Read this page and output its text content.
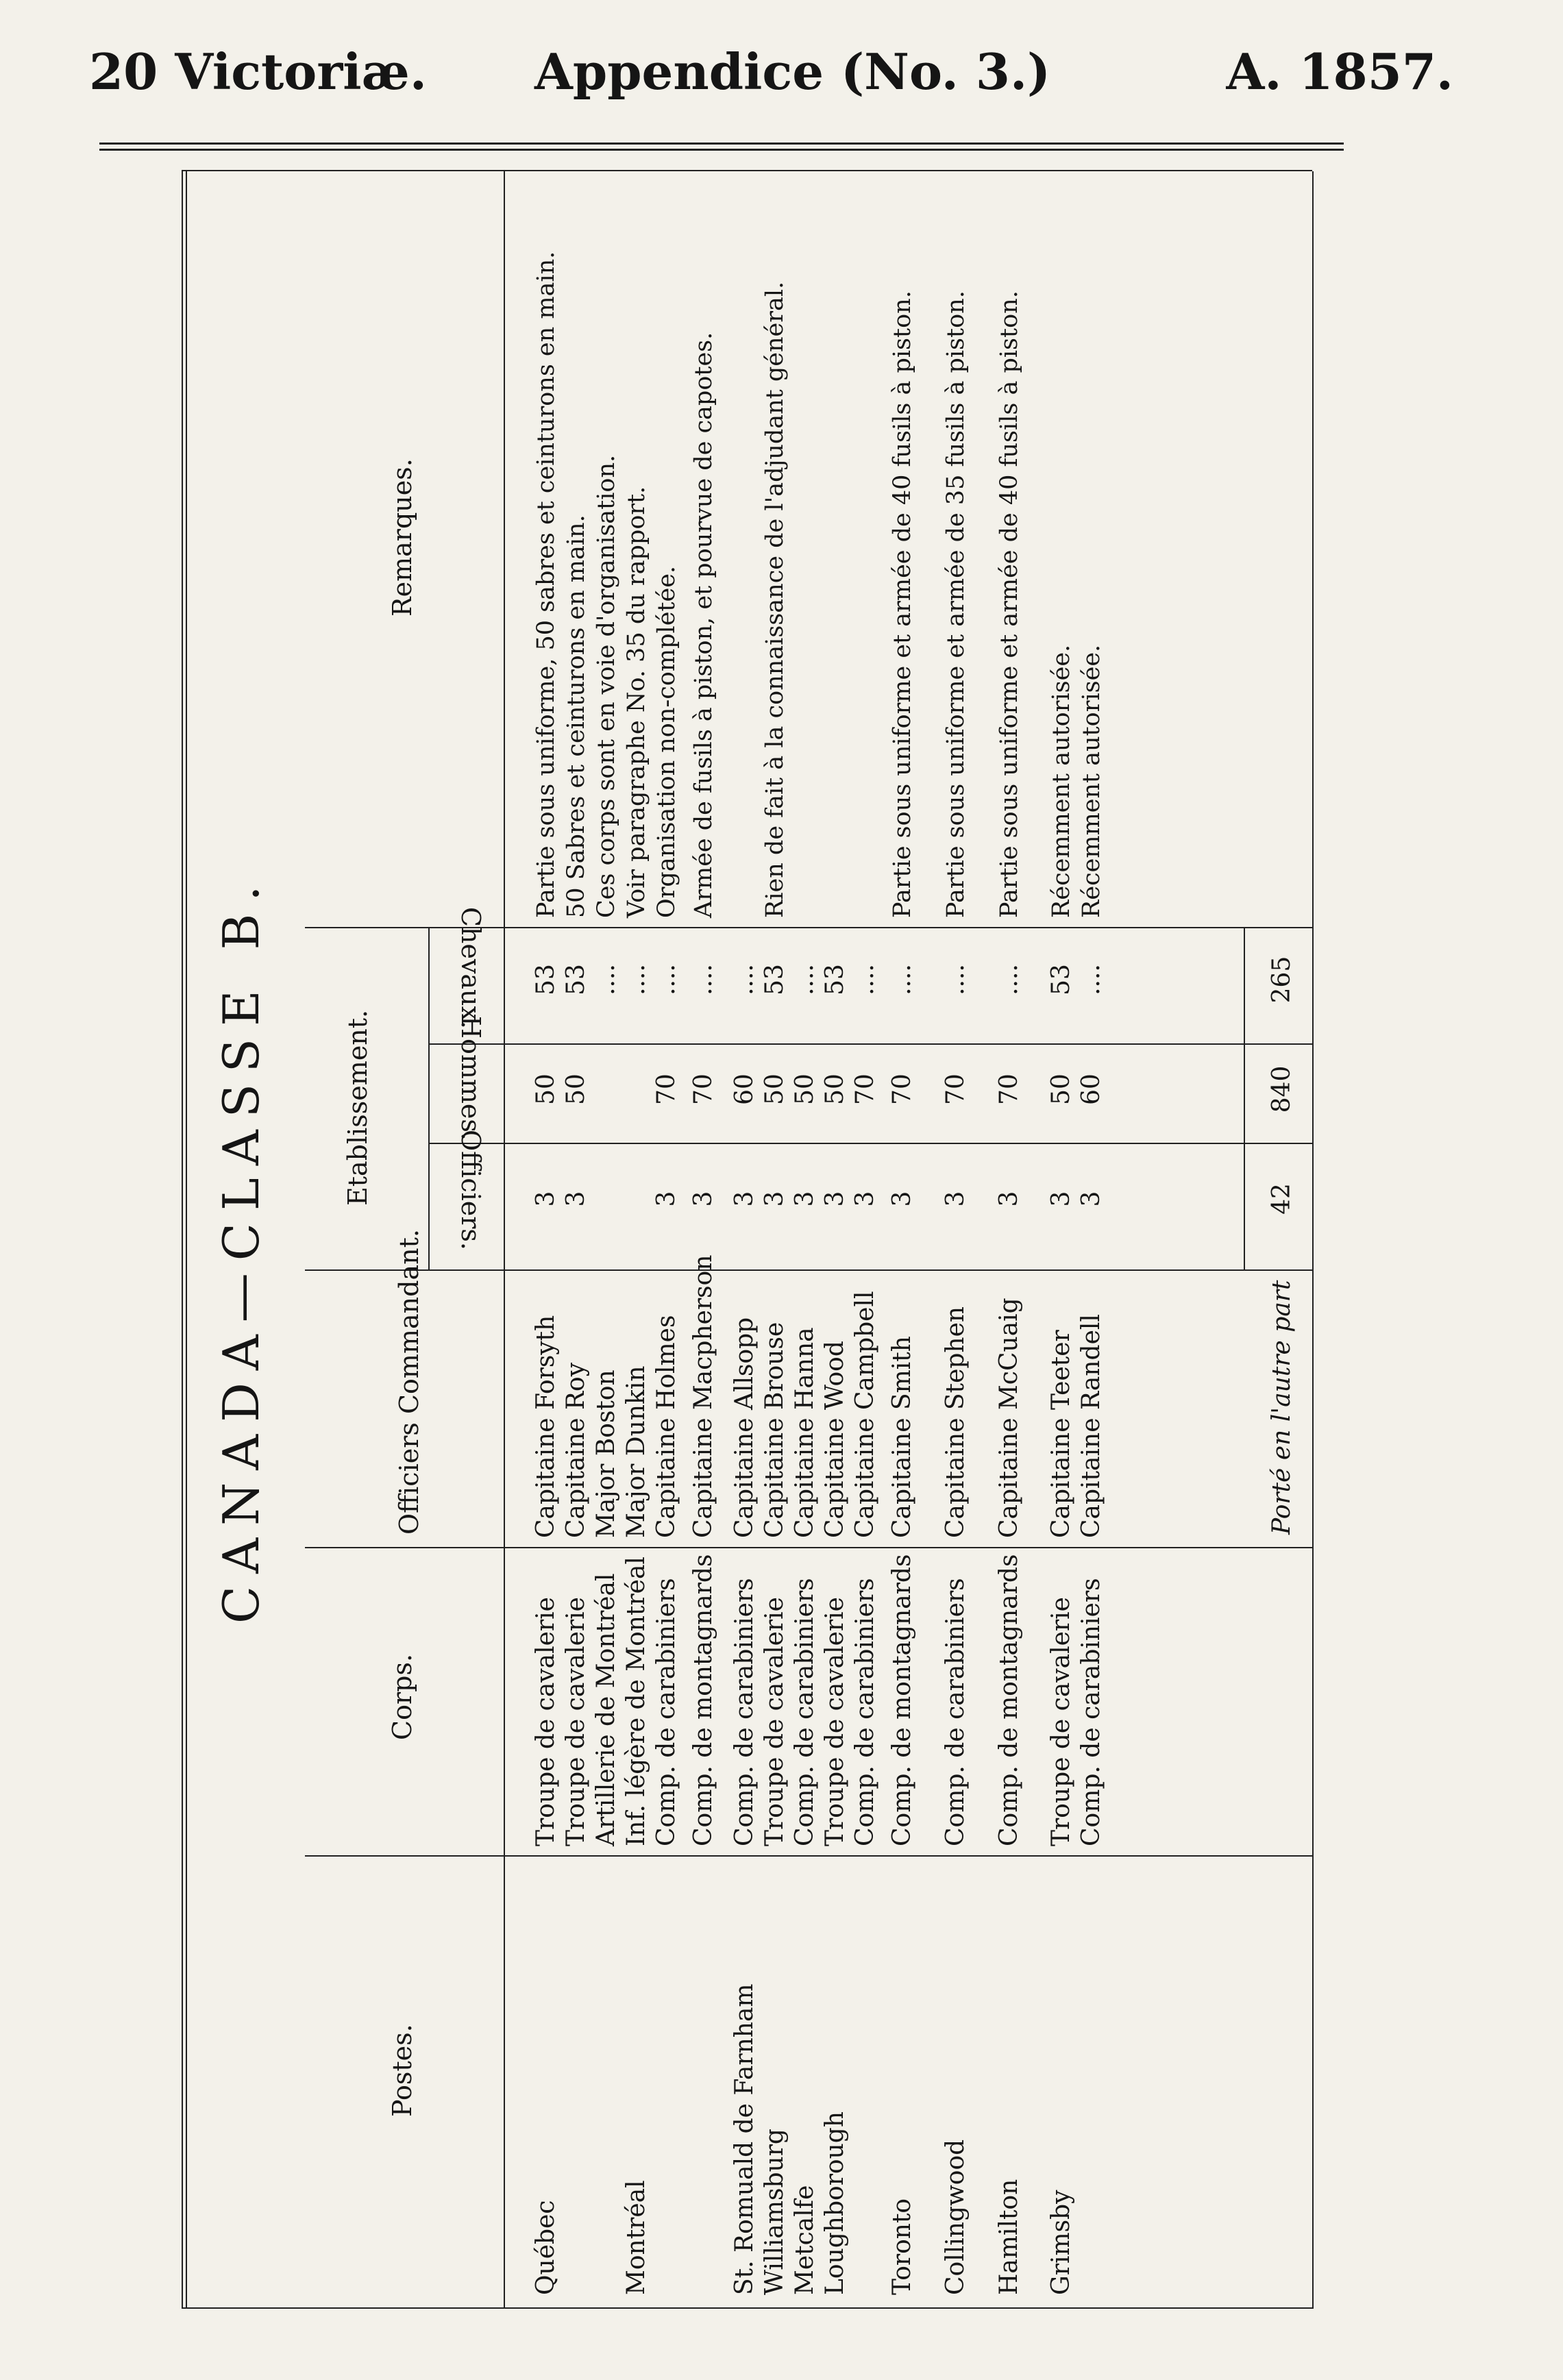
20 Victoriæ. Appendice (No. 3.)	A. 1857.
CANADA—CLASSE B.
Postes.
Corps.
Officiers Commandant.
Etablissement.	Officiers.
Hommes.
Chevaux.
Remarques.
Québec
Troupe de cavalerie
Capitaine Forsyth
3
50
53
Partie sous uniforme, 50 sabres et ceinturons en main.
Troupe de cavalerie
Capitaine Roy
3
50
53
50 Sabres et ceinturons en main.
Artillerie de Montréal
Major Boston
....
Ces corps sont en voie d'organisation.
Montréal
Inf. légère de Montréal
Major Dunkin
....
Voir paragraphe No. 35 du rapport.
Comp. de carabiniers
Capitaine Holmes
3
70
....
Organisation non-complétée.
Comp. de montagnards
Capitaine Macpherson
3
70
....
Armée de fusils à piston, et pourvue de capotes.
St. Romuald de Farnham
Comp. de carabiniers
Capitaine Allsopp
3
60
....
Williamsburg
Troupe de cavalerie
Capitaine Brouse
3
50
53
Rien de fait à la connaissance de l'adjudant général.
Metcalfe
Comp. de carabiniers
Capitaine Hanna
3
50
....
Loughborough
Troupe de cavalerie
Capitaine Wood
3
50
53
Comp. de carabiniers
Capitaine Campbell
3
70
....
Toronto
Comp. de montagnards
Capitaine Smith
3
70
....
Partie sous uniforme et armée de 40 fusils à piston.
Collingwood
Comp. de carabiniers
Capitaine Stephen
3
70
....
Partie sous uniforme et armée de 35 fusils à piston.
Hamilton
Comp. de montagnards
Capitaine McCuaig
3
70
....
Partie sous uniforme et armée de 40 fusils à piston.
Grimsby
Troupe de cavalerie
Capitaine Teeter
3
50
53
Récemment autorisée.
Comp. de carabiniers
Capitaine Randell
3
60
....
Récemment autorisée.
Porté en l'autre part
42
840
265
